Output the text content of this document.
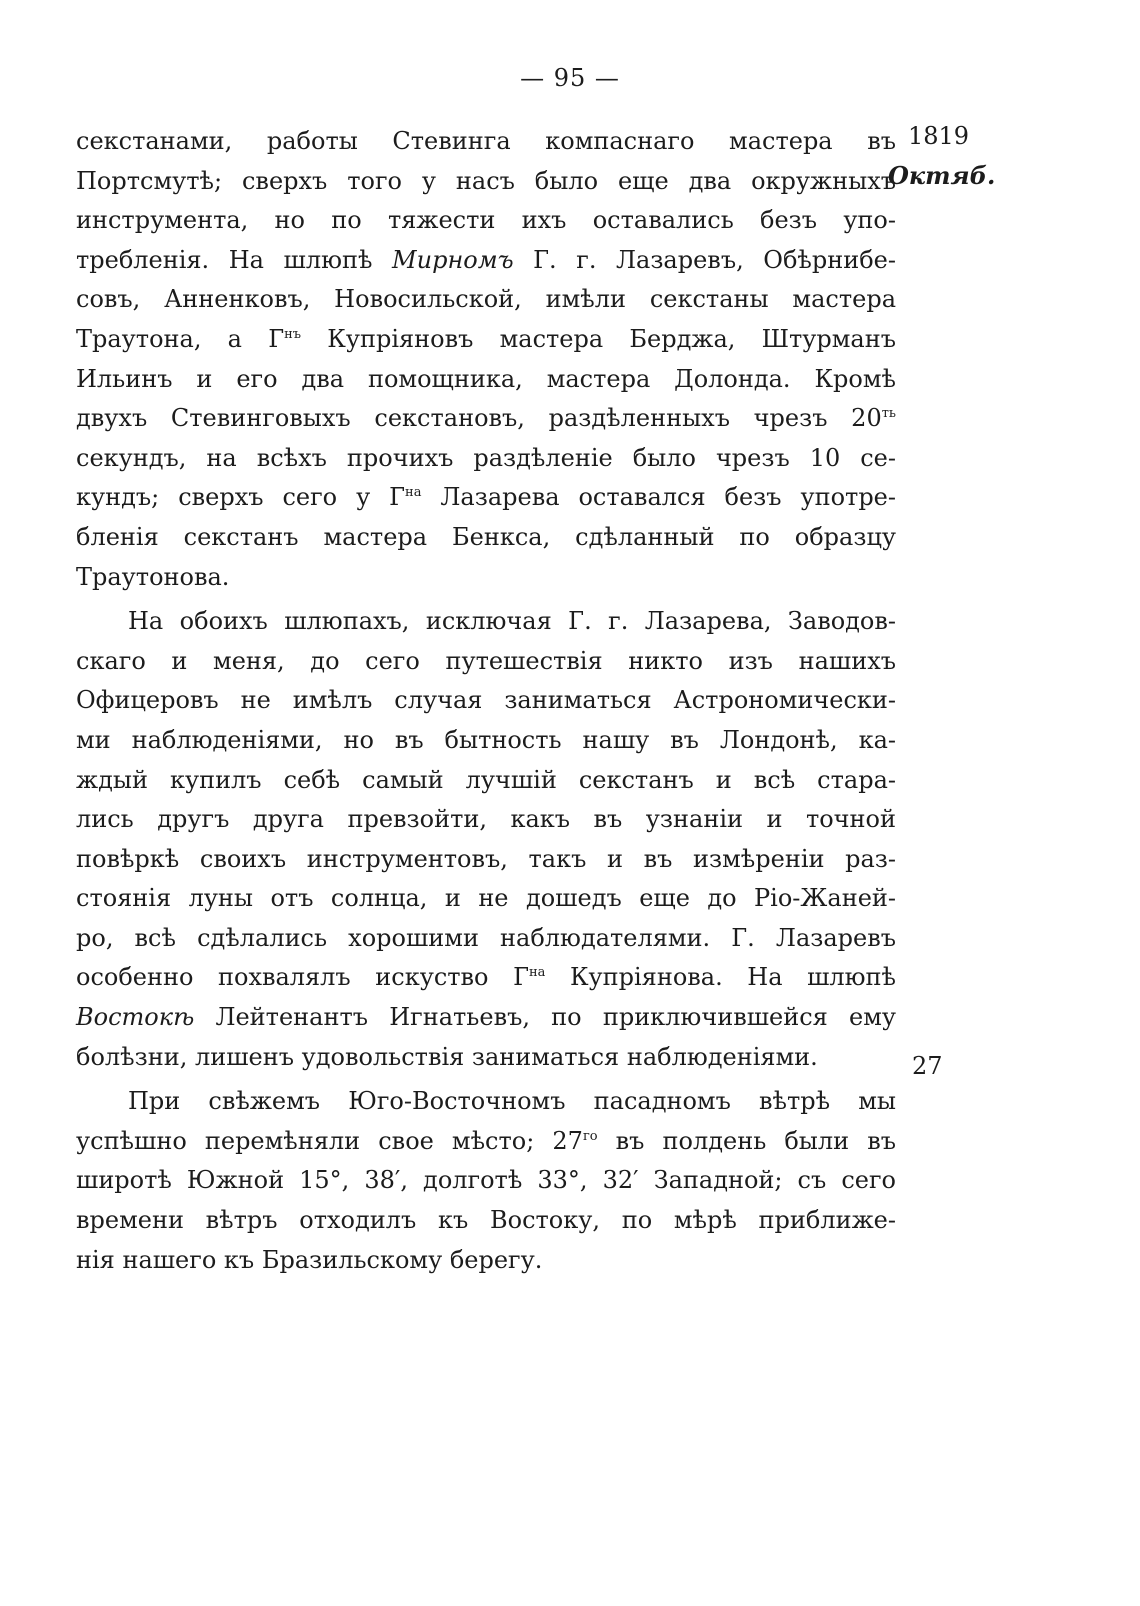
— 95 —
1819
Октяб.
27
секстанами, работы Стевинга компаснаго мастера въ
Портсмутѣ; сверхъ того у насъ было еще два окружныхъ
инструмента, но по тяжести ихъ оставались безъ упо-
требленія. На шлюпѣ Мирномъ Г. г. Лазаревъ, Обѣрнибе-
совъ, Анненковъ, Новосильской, имѣли секстаны мастера
Траутона, а $Г^{нъ}$ Купріяновъ мастера Берджа, Штурманъ
Ильинъ и его два помощника, мастера Долонда. Кромѣ
двухъ Стевинговыхъ секстановъ, раздѣленныхъ чрезъ $20^{ть}$
секундъ, на всѣхъ прочихъ раздѣленіе было чрезъ 10 се-
кундъ; сверхъ сего у $Г^{на}$ Лазарева оставался безъ употре-
бленія секстанъ мастера Бенкса, сдѣланный по образцу
Траутонова.
На обоихъ шлюпахъ, исключая Г. г. Лазарева, Заводов-
скаго и меня, до сего путешествія никто изъ нашихъ
Офицеровъ не имѣлъ случая заниматься Астрономически-
ми наблюденіями, но въ бытность нашу въ Лондонѣ, ка-
ждый купилъ себѣ самый лучшій секстанъ и всѣ стара-
лись другъ друга превзойти, какъ въ узнаніи и точной
повѣркѣ своихъ инструментовъ, такъ и въ измѣреніи раз-
стоянія луны отъ солнца, и не дошедъ еще до Ріо-Жаней-
ро, всѣ сдѣлались хорошими наблюдателями. Г. Лазаревъ
особенно похвалялъ искуство $Г^{на}$ Купріянова. На шлюпѣ
Востокѣ Лейтенантъ Игнатьевъ, по приключившейся ему
болѣзни, лишенъ удовольствія заниматься наблюденіями.
При свѣжемъ Юго-Восточномъ пасадномъ вѣтрѣ мы
успѣшно перемѣняли свое мѣсто; $27^{го}$ въ полдень были въ
широтѣ Южной 15°, 38′, долготѣ 33°, 32′ Западной; съ сего
времени вѣтръ отходилъ къ Востоку, по мѣрѣ приближе-
нія нашего къ Бразильскому берегу.
